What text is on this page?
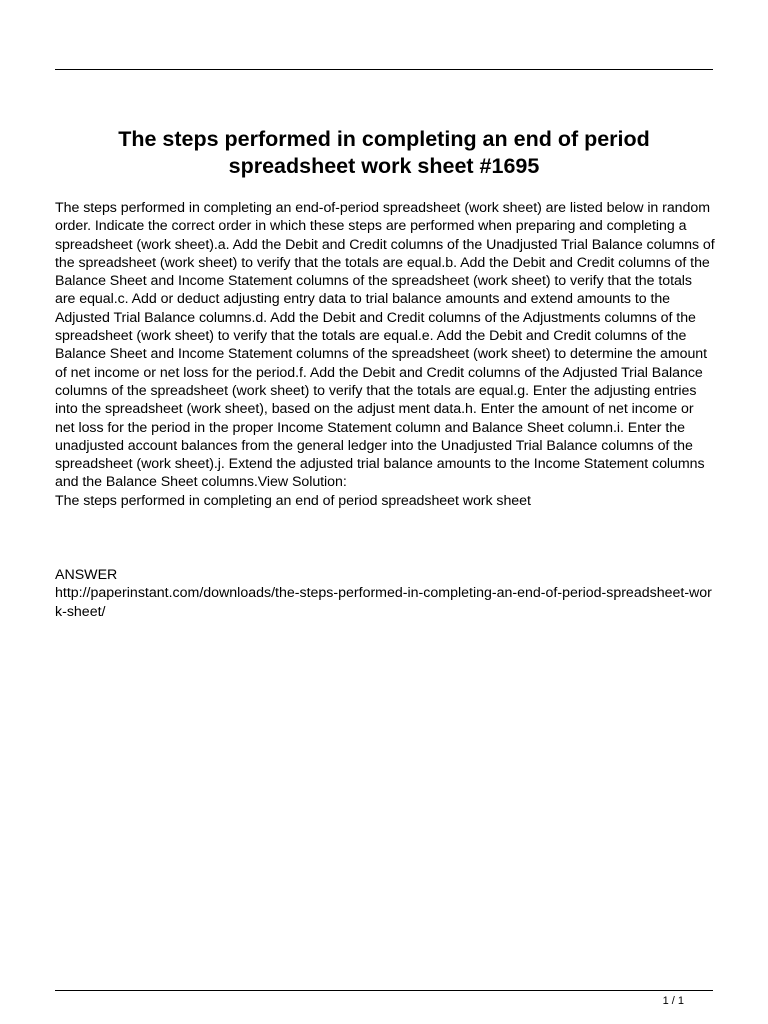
The steps performed in completing an end of period spreadsheet work sheet #1695

The steps performed in completing an end-of-period spreadsheet (work sheet) are listed below in random order. Indicate the correct order in which these steps are performed when preparing and completing a spreadsheet (work sheet).a. Add the Debit and Credit columns of the Unadjusted Trial Balance columns of the spreadsheet (work sheet) to verify that the totals are equal.b. Add the Debit and Credit columns of the Balance Sheet and Income Statement columns of the spreadsheet (work sheet) to verify that the totals are equal.c. Add or deduct adjusting entry data to trial balance amounts and extend amounts to the Adjusted Trial Balance columns.d. Add the Debit and Credit columns of the Adjustments columns of the spreadsheet (work sheet) to verify that the totals are equal.e. Add the Debit and Credit columns of the Balance Sheet and Income Statement columns of the spreadsheet (work sheet) to determine the amount of net income or net loss for the period.f. Add the Debit and Credit columns of the Adjusted Trial Balance columns of the spreadsheet (work sheet) to verify that the totals are equal.g. Enter the adjusting entries into the spreadsheet (work sheet), based on the adjust ment data.h. Enter the amount of net income or net loss for the period in the proper Income Statement column and Balance Sheet column.i. Enter the unadjusted account balances from the general ledger into the Unadjusted Trial Balance columns of the spreadsheet (work sheet).j. Extend the adjusted trial balance amounts to the Income Statement columns and the Balance Sheet columns.View Solution:

The steps performed in completing an end of period spreadsheet work sheet

ANSWER

http://paperinstant.com/downloads/the-steps-performed-in-completing-an-end-of-period-spreadsheet-work-sheet/

1 / 1
